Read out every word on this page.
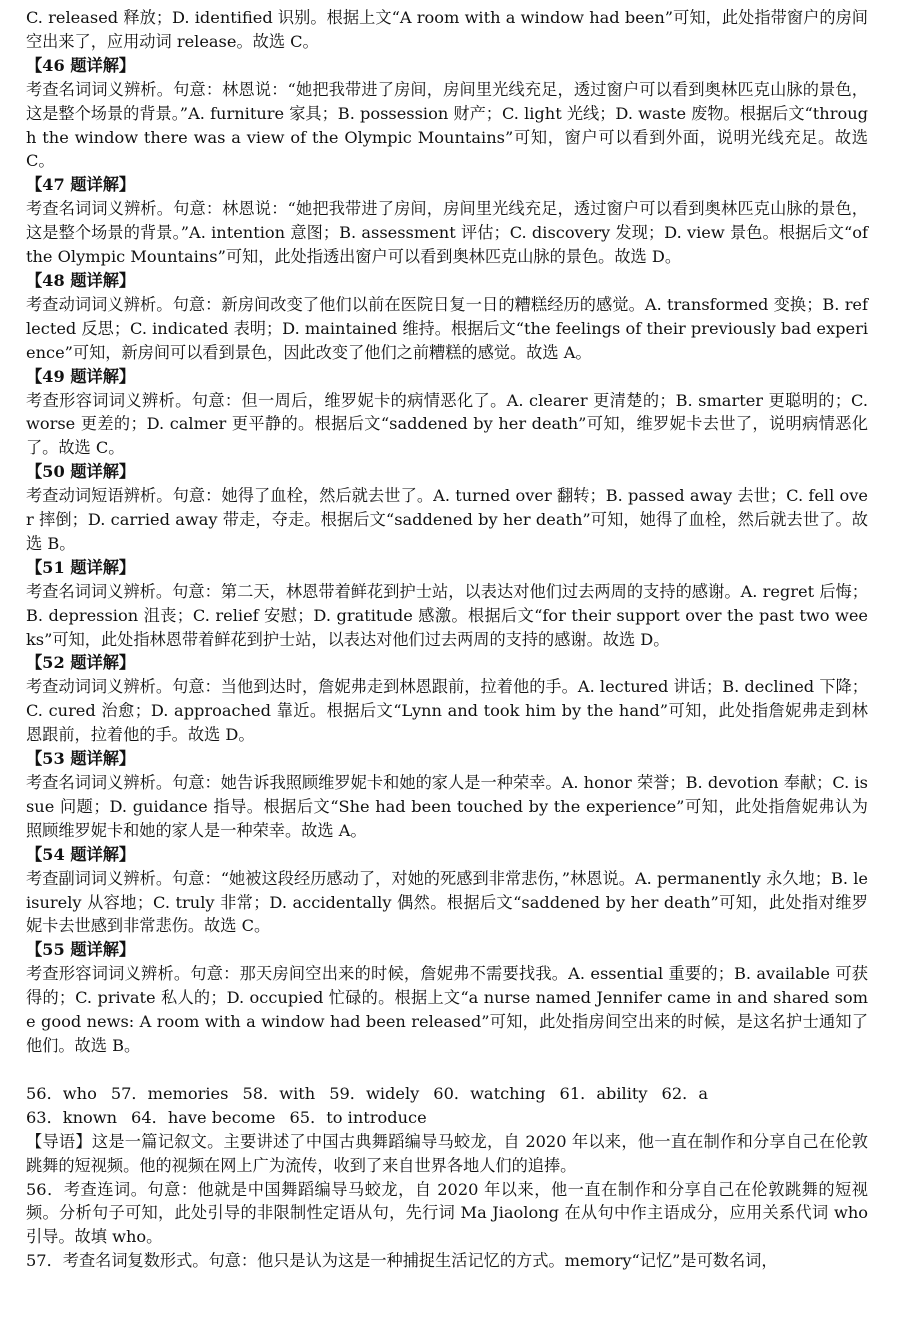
C. released 释放；D. identified 识别。根据上文“A room with a window had been”可知，此处指带窗户的房间空出来了，应用动词 release。故选 C。

【46 题详解】

考查名词词义辨析。句意：林恩说：“她把我带进了房间，房间里光线充足，透过窗户可以看到奥林匹克山脉的景色，这是整个场景的背景。”A. furniture 家具；B. possession 财产；C. light 光线；D. waste 废物。根据后文“through the window there was a view of the Olympic Mountains”可知，窗户可以看到外面，说明光线充足。故选 C。

【47 题详解】

考查名词词义辨析。句意：林恩说：“她把我带进了房间，房间里光线充足，透过窗户可以看到奥林匹克山脉的景色，这是整个场景的背景。”A. intention 意图；B. assessment 评估；C. discovery 发现；D. view 景色。根据后文“of the Olympic Mountains”可知，此处指透出窗户可以看到奥林匹克山脉的景色。故选 D。

【48 题详解】

考查动词词义辨析。句意：新房间改变了他们以前在医院日复一日的糟糕经历的感觉。A. transformed 变换；B. reflected 反思；C. indicated 表明；D. maintained 维持。根据后文“the feelings of their previously bad experience”可知，新房间可以看到景色，因此改变了他们之前糟糕的感觉。故选 A。

【49 题详解】

考查形容词词义辨析。句意：但一周后，维罗妮卡的病情恶化了。A. clearer 更清楚的；B. smarter 更聪明的；C. worse 更差的；D. calmer 更平静的。根据后文“saddened by her death”可知，维罗妮卡去世了，说明病情恶化了。故选 C。

【50 题详解】

考查动词短语辨析。句意：她得了血栓，然后就去世了。A. turned over 翻转；B. passed away 去世；C. fell over 摔倒；D. carried away 带走，夺走。根据后文“saddened by her death”可知，她得了血栓，然后就去世了。故选 B。

【51 题详解】

考查名词词义辨析。句意：第二天，林恩带着鲜花到护士站，以表达对他们过去两周的支持的感谢。A. regret 后悔；B. depression 沮丧；C. relief 安慰；D. gratitude 感激。根据后文“for their support over the past two weeks”可知，此处指林恩带着鲜花到护士站，以表达对他们过去两周的支持的感谢。故选 D。

【52 题详解】

考查动词词义辨析。句意：当他到达时，詹妮弗走到林恩跟前，拉着他的手。A. lectured 讲话；B. declined 下降；C. cured 治愈；D. approached 靠近。根据后文“Lynn and took him by the hand”可知，此处指詹妮弗走到林恩跟前，拉着他的手。故选 D。

【53 题详解】

考查名词词义辨析。句意：她告诉我照顾维罗妮卡和她的家人是一种荣幸。A. honor 荣誉；B. devotion 奉献；C. issue 问题；D. guidance 指导。根据后文“She had been touched by the experience”可知，此处指詹妮弗认为照顾维罗妮卡和她的家人是一种荣幸。故选 A。

【54 题详解】

考查副词词义辨析。句意：“她被这段经历感动了，对她的死感到非常悲伤，”林恩说。A. permanently 永久地；B. leisurely 从容地；C. truly 非常；D. accidentally 偶然。根据后文“saddened by her death”可知，此处指对维罗妮卡去世感到非常悲伤。故选 C。

【55 题详解】

考查形容词词义辨析。句意：那天房间空出来的时候，詹妮弗不需要找我。A. essential 重要的；B. available 可获得的；C. private 私人的；D. occupied 忙碌的。根据上文“a nurse named Jennifer came in and shared some good news: A room with a window had been released”可知，此处指房间空出来的时候，是这名护士通知了他们。故选 B。

56．who 57．memories 58．with 59．widely 60．watching 61．ability 62．a
63．known 64．have become 65．to introduce

【导语】这是一篇记叙文。主要讲述了中国古典舞蹈编导马蛟龙，自 2020 年以来，他一直在制作和分享自己在伦敦跳舞的短视频。他的视频在网上广为流传，收到了来自世界各地人们的追捧。

56．考查连词。句意：他就是中国舞蹈编导马蛟龙，自 2020 年以来，他一直在制作和分享自己在伦敦跳舞的短视频。分析句子可知，此处引导的非限制性定语从句，先行词 Ma Jiaolong 在从句中作主语成分，应用关系代词 who 引导。故填 who。

57．考查名词复数形式。句意：他只是认为这是一种捕捉生活记忆的方式。memory“记忆”是可数名词，
